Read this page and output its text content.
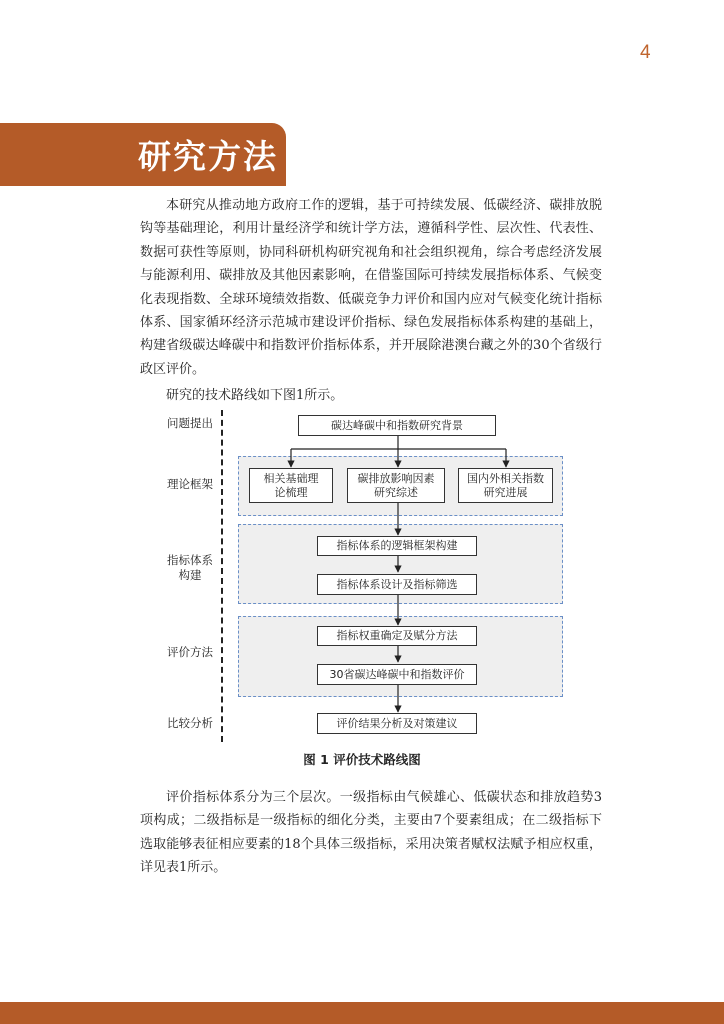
4
研究方法

本研究从推动地方政府工作的逻辑，基于可持续发展、低碳经济、碳排放脱钩等基础理论，利用计量经济学和统计学方法，遵循科学性、层次性、代表性、数据可获性等原则，协同科研机构研究视角和社会组织视角，综合考虑经济发展与能源利用、碳排放及其他因素影响，在借鉴国际可持续发展指标体系、气候变化表现指数、全球环境绩效指数、低碳竞争力评价和国内应对气候变化统计指标体系、国家循环经济示范城市建设评价指标、绿色发展指标体系构建的基础上，构建省级碳达峰碳中和指数评价指标体系，并开展除港澳台藏之外的30个省级行政区评价。

研究的技术路线如下图1所示。

问题提出
理论框架
指标体系构建
评价方法
比较分析
碳达峰碳中和指数研究背景
相关基础理论梳理
碳排放影响因素研究综述
国内外相关指数研究进展
指标体系的逻辑框架构建
指标体系设计及指标筛选
指标权重确定及赋分方法
30省碳达峰碳中和指数评价
评价结果分析及对策建议
图 1 评价技术路线图

评价指标体系分为三个层次。一级指标由气候雄心、低碳状态和排放趋势3项构成；二级指标是一级指标的细化分类，主要由7个要素组成；在二级指标下选取能够表征相应要素的18个具体三级指标，采用决策者赋权法赋予相应权重，详见表1所示。
